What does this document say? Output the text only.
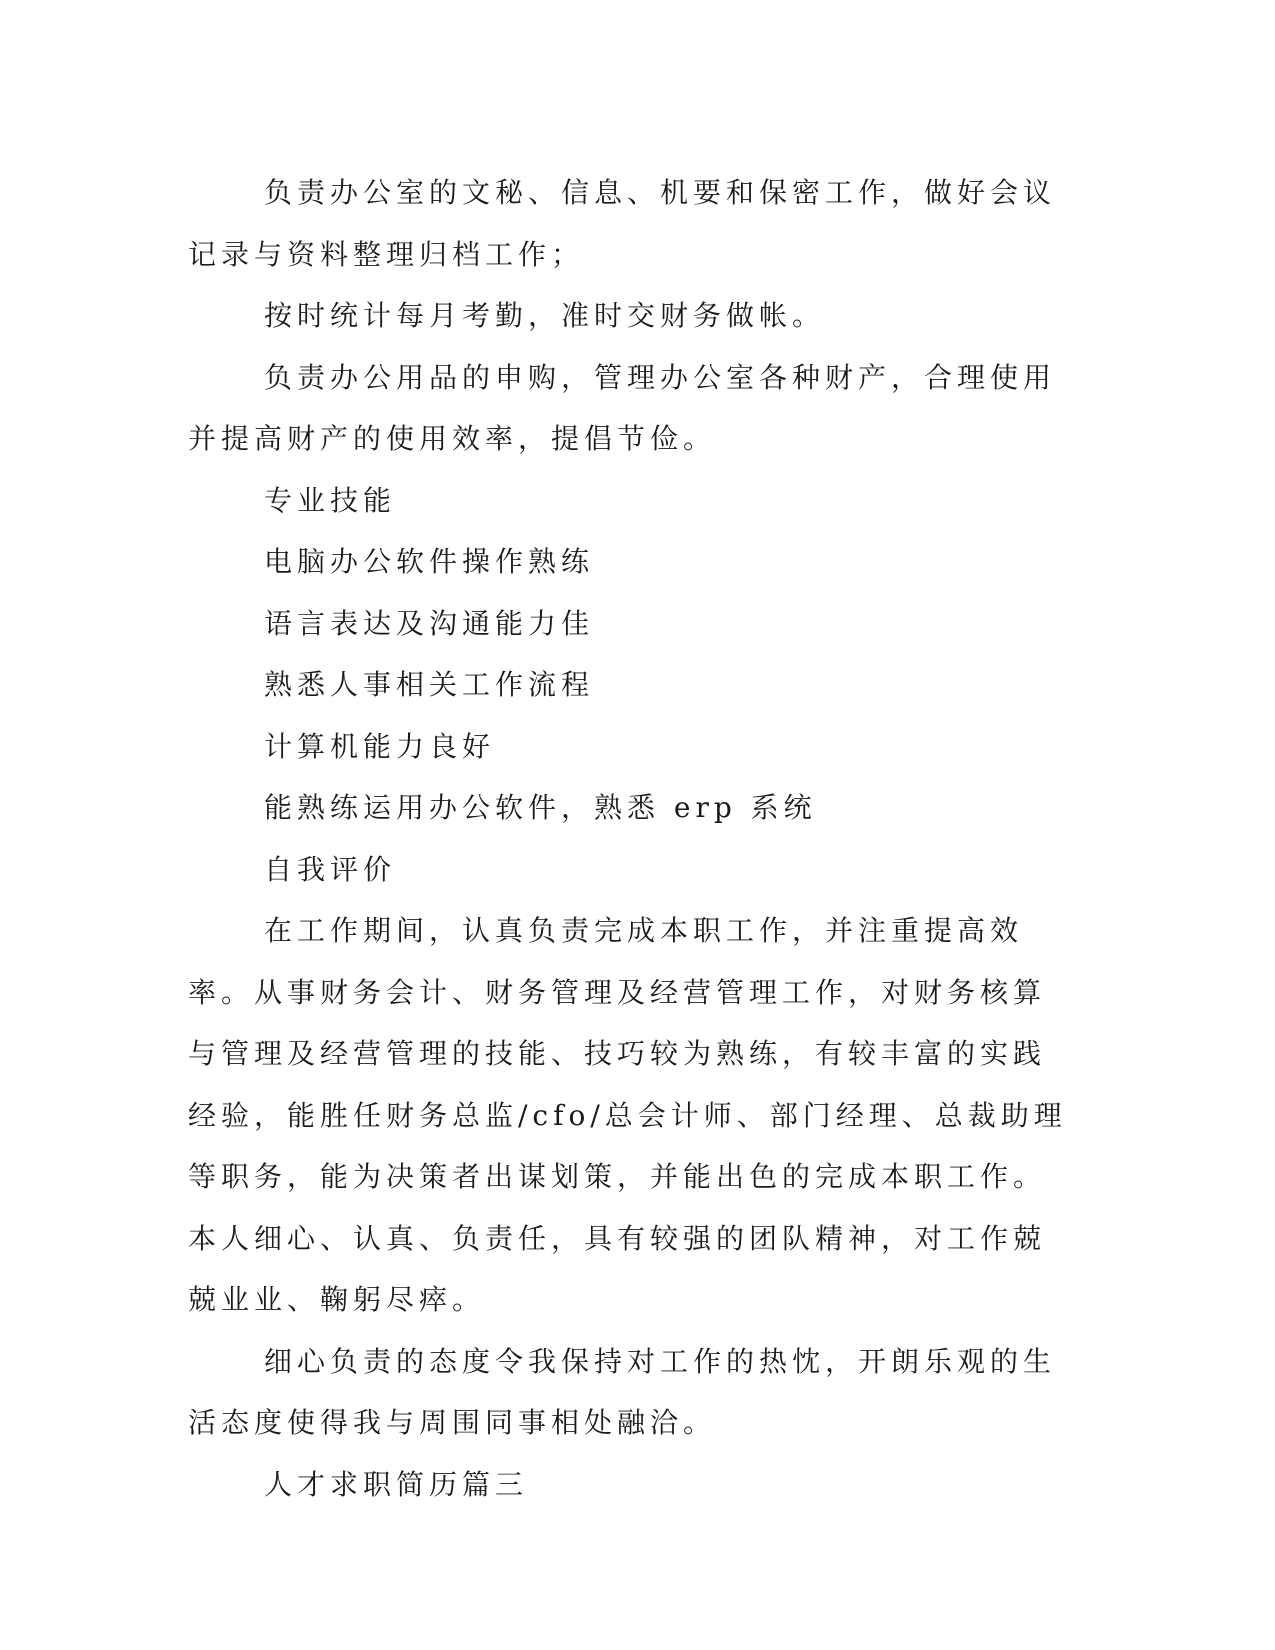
负责办公室的文秘、信息、机要和保密工作，做好会议记录与资料整理归档工作；

按时统计每月考勤，准时交财务做帐。

负责办公用品的申购，管理办公室各种财产，合理使用并提高财产的使用效率，提倡节俭。

专业技能

电脑办公软件操作熟练

语言表达及沟通能力佳

熟悉人事相关工作流程

计算机能力良好

能熟练运用办公软件，熟悉 erp 系统

自我评价

在工作期间，认真负责完成本职工作，并注重提高效率。从事财务会计、财务管理及经营管理工作，对财务核算与管理及经营管理的技能、技巧较为熟练，有较丰富的实践经验，能胜任财务总监/cfo/总会计师、部门经理、总裁助理等职务，能为决策者出谋划策，并能出色的完成本职工作。本人细心、认真、负责任，具有较强的团队精神，对工作兢兢业业、鞠躬尽瘁。

细心负责的态度令我保持对工作的热忱，开朗乐观的生活态度使得我与周围同事相处融洽。

人才求职简历篇三
